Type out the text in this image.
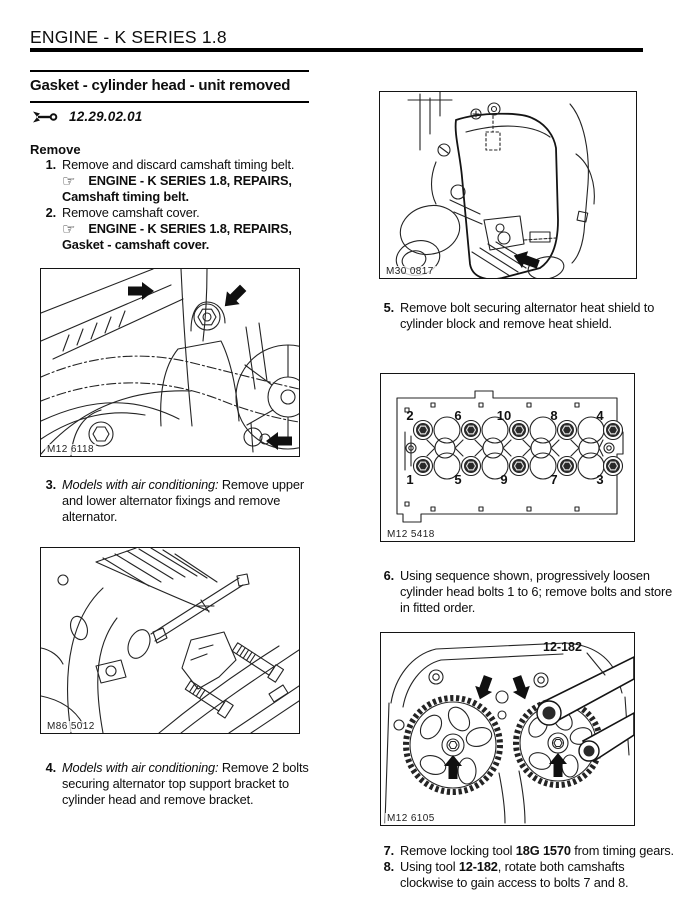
ENGINE - K SERIES 1.8
Gasket - cylinder head - unit removed
12.29.02.01
Remove
1. Remove and discard camshaft timing belt.
☞ ENGINE - K SERIES 1.8, REPAIRS,
Camshaft timing belt.
2. Remove camshaft cover.
☞ ENGINE - K SERIES 1.8, REPAIRS,
Gasket - camshaft cover.
M12 6118
3. Models with air conditioning: Remove upper and lower alternator fixings and remove alternator.
M86 5012
4. Models with air conditioning: Remove 2 bolts securing alternator top support bracket to cylinder head and remove bracket.
M30 0817
5. Remove bolt securing alternator heat shield to cylinder block and remove heat shield.
2	6	10	8	4
1	5	9	7	3
M12 5418
6. Using sequence shown, progressively loosen cylinder head bolts 1 to 6; remove bolts and store in fitted order.
12-182
M12 6105
7. Remove locking tool 18G 1570 from timing gears.
8. Using tool 12-182, rotate both camshafts clockwise to gain access to bolts 7 and 8.
